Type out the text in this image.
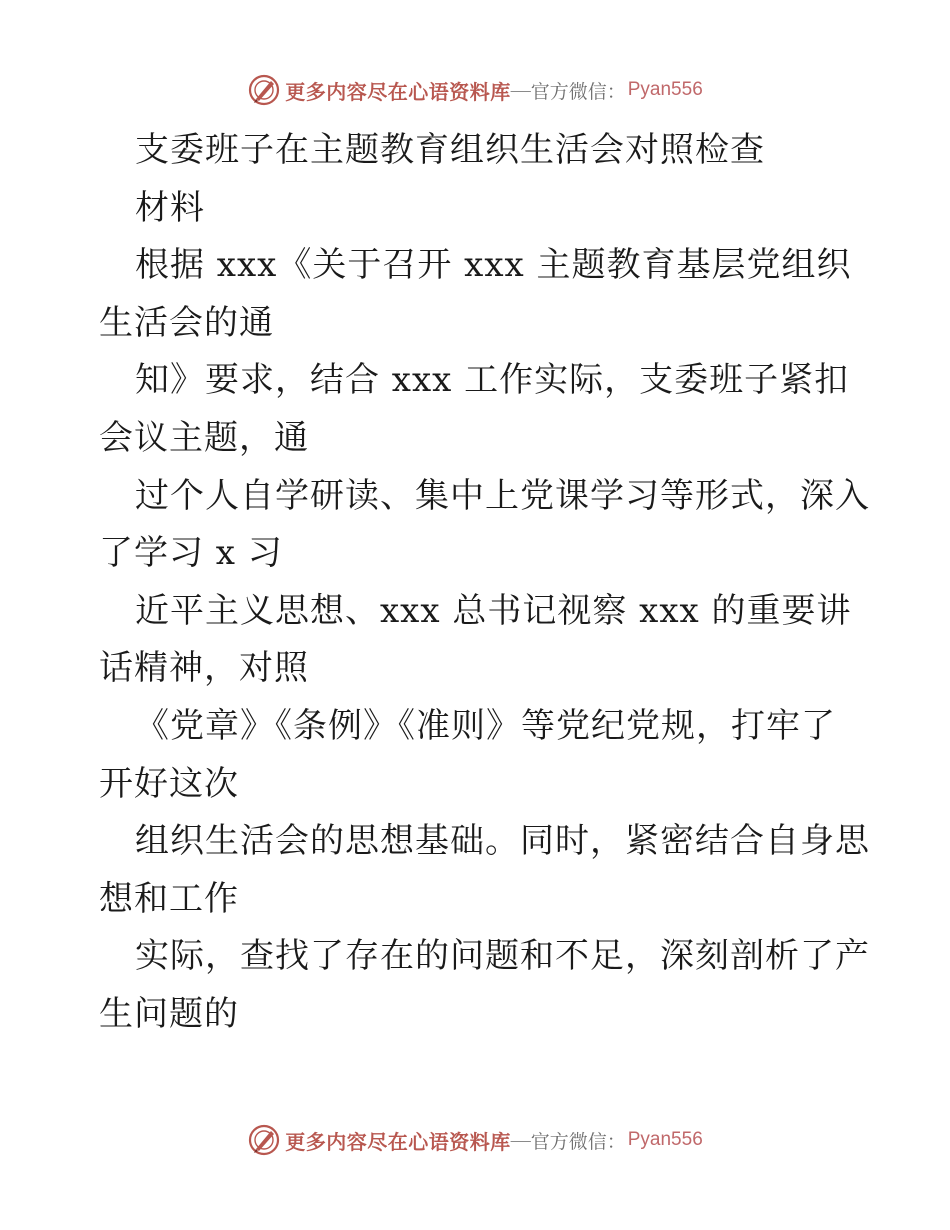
更多内容尽在心语资料库 — 官方微信： Pyan556
支委班子在主题教育组织生活会对照检查
材料
根据 xxx《关于召开 xxx 主题教育基层党组织
生活会的通
知》要求，结合 xxx 工作实际，支委班子紧扣
会议主题，通
过个人自学研读、集中上党课学习等形式，深入
了学习 x 习
近平主义思想、xxx 总书记视察 xxx 的重要讲
话精神，对照
《党章》《条例》《准则》等党纪党规，打牢了
开好这次
组织生活会的思想基础。同时，紧密结合自身思
想和工作
实际，查找了存在的问题和不足，深刻剖析了产
生问题的
更多内容尽在心语资料库 — 官方微信： Pyan556
